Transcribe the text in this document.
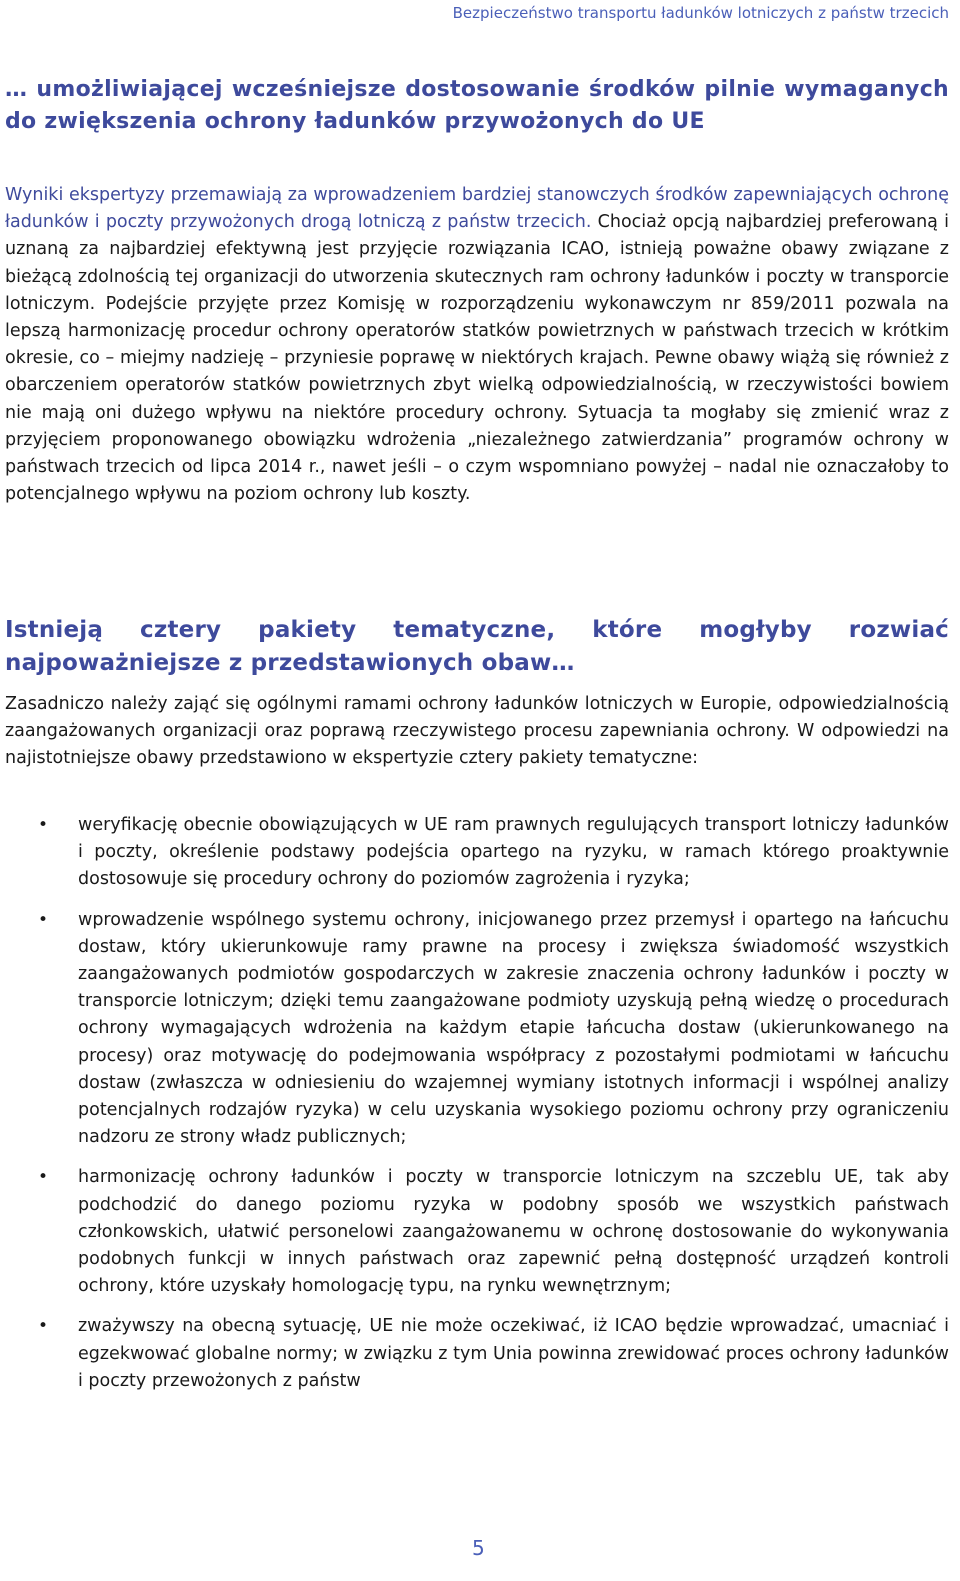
Bezpieczeństwo transportu ładunków lotniczych z państw trzecich
… umożliwiającej wcześniejsze dostosowanie środków pilnie wymaganych do zwiększenia ochrony ładunków przywożonych do UE

Wyniki ekspertyzy przemawiają za wprowadzeniem bardziej stanowczych środków zapewniających ochronę ładunków i poczty przywożonych drogą lotniczą z państw trzecich. Chociaż opcją najbardziej preferowaną i uznaną za najbardziej efektywną jest przyjęcie rozwiązania ICAO, istnieją poważne obawy związane z bieżącą zdolnością tej organizacji do utworzenia skutecznych ram ochrony ładunków i poczty w transporcie lotniczym. Podejście przyjęte przez Komisję w rozporządzeniu wykonawczym nr 859/2011 pozwala na lepszą harmonizację procedur ochrony operatorów statków powietrznych w państwach trzecich w krótkim okresie, co – miejmy nadzieję – przyniesie poprawę w niektórych krajach. Pewne obawy wiążą się również z obarczeniem operatorów statków powietrznych zbyt wielką odpowiedzialnością, w rzeczywistości bowiem nie mają oni dużego wpływu na niektóre procedury ochrony. Sytuacja ta mogłaby się zmienić wraz z przyjęciem proponowanego obowiązku wdrożenia „niezależnego zatwierdzania” programów ochrony w państwach trzecich od lipca 2014 r., nawet jeśli – o czym wspomniano powyżej – nadal nie oznaczałoby to potencjalnego wpływu na poziom ochrony lub koszty.

Istnieją cztery pakiety tematyczne, które mogłyby rozwiać najpoważniejsze z przedstawionych obaw…

Zasadniczo należy zająć się ogólnymi ramami ochrony ładunków lotniczych w Europie, odpowiedzialnością zaangażowanych organizacji oraz poprawą rzeczywistego procesu zapewniania ochrony. W odpowiedzi na najistotniejsze obawy przedstawiono w ekspertyzie cztery pakiety tematyczne:

• weryfikację obecnie obowiązujących w UE ram prawnych regulujących transport lotniczy ładunków i poczty, określenie podstawy podejścia opartego na ryzyku, w ramach którego proaktywnie dostosowuje się procedury ochrony do poziomów zagrożenia i ryzyka;
• wprowadzenie wspólnego systemu ochrony, inicjowanego przez przemysł i opartego na łańcuchu dostaw, który ukierunkowuje ramy prawne na procesy i zwiększa świadomość wszystkich zaangażowanych podmiotów gospodarczych w zakresie znaczenia ochrony ładunków i poczty w transporcie lotniczym; dzięki temu zaangażowane podmioty uzyskują pełną wiedzę o procedurach ochrony wymagających wdrożenia na każdym etapie łańcucha dostaw (ukierunkowanego na procesy) oraz motywację do podejmowania współpracy z pozostałymi podmiotami w łańcuchu dostaw (zwłaszcza w odniesieniu do wzajemnej wymiany istotnych informacji i wspólnej analizy potencjalnych rodzajów ryzyka) w celu uzyskania wysokiego poziomu ochrony przy ograniczeniu nadzoru ze strony władz publicznych;
• harmonizację ochrony ładunków i poczty w transporcie lotniczym na szczeblu UE, tak aby podchodzić do danego poziomu ryzyka w podobny sposób we wszystkich państwach członkowskich, ułatwić personelowi zaangażowanemu w ochronę dostosowanie do wykonywania podobnych funkcji w innych państwach oraz zapewnić pełną dostępność urządzeń kontroli ochrony, które uzyskały homologację typu, na rynku wewnętrznym;
• zważywszy na obecną sytuację, UE nie może oczekiwać, iż ICAO będzie wprowadzać, umacniać i egzekwować globalne normy; w związku z tym Unia powinna zrewidować proces ochrony ładunków i poczty przewożonych z państw
5
